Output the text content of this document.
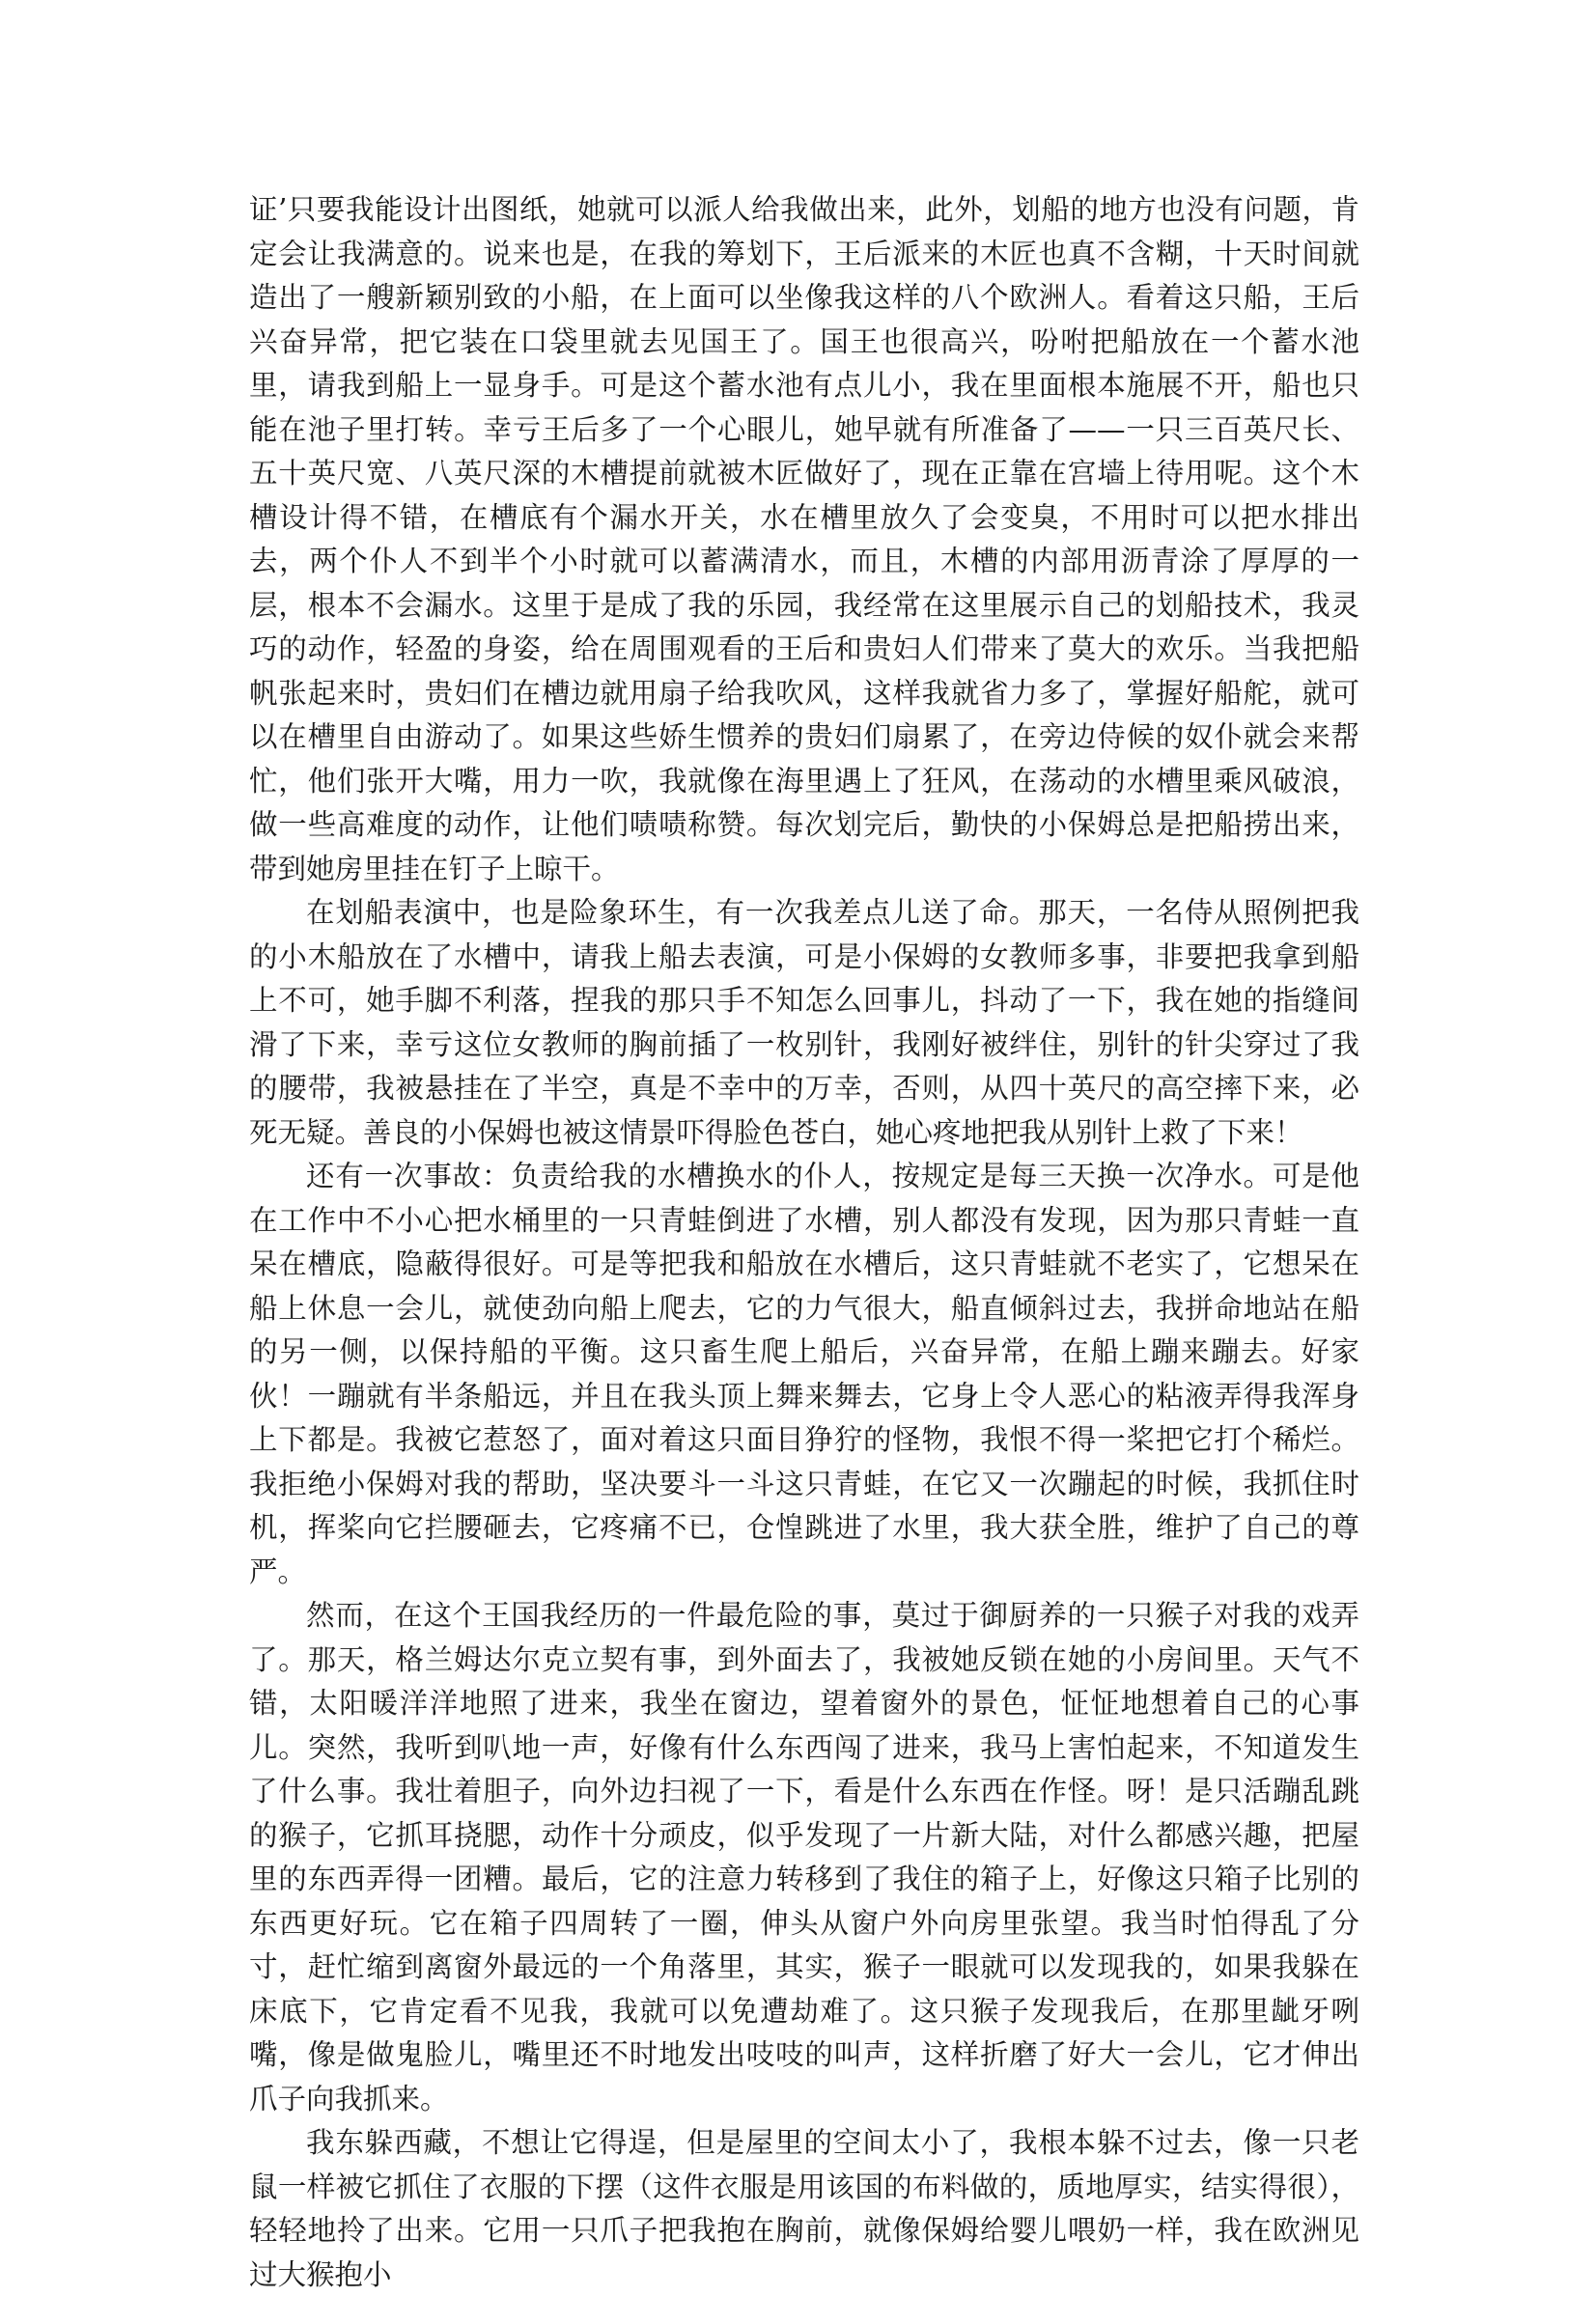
证’只要我能设计出图纸，她就可以派人给我做出来，此外，划船的地方也没有问题，肯定会让我满意的。说来也是，在我的筹划下，王后派来的木匠也真不含糊，十天时间就造出了一艘新颖别致的小船，在上面可以坐像我这样的八个欧洲人。看着这只船，王后兴奋异常，把它装在口袋里就去见国王了。国王也很高兴，吩咐把船放在一个蓄水池里，请我到船上一显身手。可是这个蓄水池有点儿小，我在里面根本施展不开，船也只能在池子里打转。幸亏王后多了一个心眼儿，她早就有所准备了——一只三百英尺长、五十英尺宽、八英尺深的木槽提前就被木匠做好了，现在正靠在宫墙上待用呢。这个木槽设计得不错，在槽底有个漏水开关，水在槽里放久了会变臭，不用时可以把水排出去，两个仆人不到半个小时就可以蓄满清水，而且，木槽的内部用沥青涂了厚厚的一层，根本不会漏水。这里于是成了我的乐园，我经常在这里展示自己的划船技术，我灵巧的动作，轻盈的身姿，给在周围观看的王后和贵妇人们带来了莫大的欢乐。当我把船帆张起来时，贵妇们在槽边就用扇子给我吹风，这样我就省力多了，掌握好船舵，就可以在槽里自由游动了。如果这些娇生惯养的贵妇们扇累了，在旁边侍候的奴仆就会来帮忙，他们张开大嘴，用力一吹，我就像在海里遇上了狂风，在荡动的水槽里乘风破浪，做一些高难度的动作，让他们啧啧称赞。每次划完后，勤快的小保姆总是把船捞出来，带到她房里挂在钉子上晾干。

在划船表演中，也是险象环生，有一次我差点儿送了命。那天，一名侍从照例把我的小木船放在了水槽中，请我上船去表演，可是小保姆的女教师多事，非要把我拿到船上不可，她手脚不利落，捏我的那只手不知怎么回事儿，抖动了一下，我在她的指缝间滑了下来，幸亏这位女教师的胸前插了一枚别针，我刚好被绊住，别针的针尖穿过了我的腰带，我被悬挂在了半空，真是不幸中的万幸，否则，从四十英尺的高空摔下来，必死无疑。善良的小保姆也被这情景吓得脸色苍白，她心疼地把我从别针上救了下来！

还有一次事故：负责给我的水槽换水的仆人，按规定是每三天换一次净水。可是他在工作中不小心把水桶里的一只青蛙倒进了水槽，别人都没有发现，因为那只青蛙一直呆在槽底，隐蔽得很好。可是等把我和船放在水槽后，这只青蛙就不老实了，它想呆在船上休息一会儿，就使劲向船上爬去，它的力气很大，船直倾斜过去，我拼命地站在船的另一侧，以保持船的平衡。这只畜生爬上船后，兴奋异常，在船上蹦来蹦去。好家伙！一蹦就有半条船远，并且在我头顶上舞来舞去，它身上令人恶心的粘液弄得我浑身上下都是。我被它惹怒了，面对着这只面目狰狞的怪物，我恨不得一桨把它打个稀烂。我拒绝小保姆对我的帮助，坚决要斗一斗这只青蛙，在它又一次蹦起的时候，我抓住时机，挥桨向它拦腰砸去，它疼痛不已，仓惶跳进了水里，我大获全胜，维护了自己的尊严。

然而，在这个王国我经历的一件最危险的事，莫过于御厨养的一只猴子对我的戏弄了。那天，格兰姆达尔克立契有事，到外面去了，我被她反锁在她的小房间里。天气不错，太阳暖洋洋地照了进来，我坐在窗边，望着窗外的景色，怔怔地想着自己的心事儿。突然，我听到叭地一声，好像有什么东西闯了进来，我马上害怕起来，不知道发生了什么事。我壮着胆子，向外边扫视了一下，看是什么东西在作怪。呀！是只活蹦乱跳的猴子，它抓耳挠腮，动作十分顽皮，似乎发现了一片新大陆，对什么都感兴趣，把屋里的东西弄得一团糟。最后，它的注意力转移到了我住的箱子上，好像这只箱子比别的东西更好玩。它在箱子四周转了一圈，伸头从窗户外向房里张望。我当时怕得乱了分寸，赶忙缩到离窗外最远的一个角落里，其实，猴子一眼就可以发现我的，如果我躲在床底下，它肯定看不见我，我就可以免遭劫难了。这只猴子发现我后，在那里龇牙咧嘴，像是做鬼脸儿，嘴里还不时地发出吱吱的叫声，这样折磨了好大一会儿，它才伸出爪子向我抓来。

我东躲西藏，不想让它得逞，但是屋里的空间太小了，我根本躲不过去，像一只老鼠一样被它抓住了衣服的下摆（这件衣服是用该国的布料做的，质地厚实，结实得很），轻轻地拎了出来。它用一只爪子把我抱在胸前，就像保姆给婴儿喂奶一样，我在欧洲见过大猴抱小
